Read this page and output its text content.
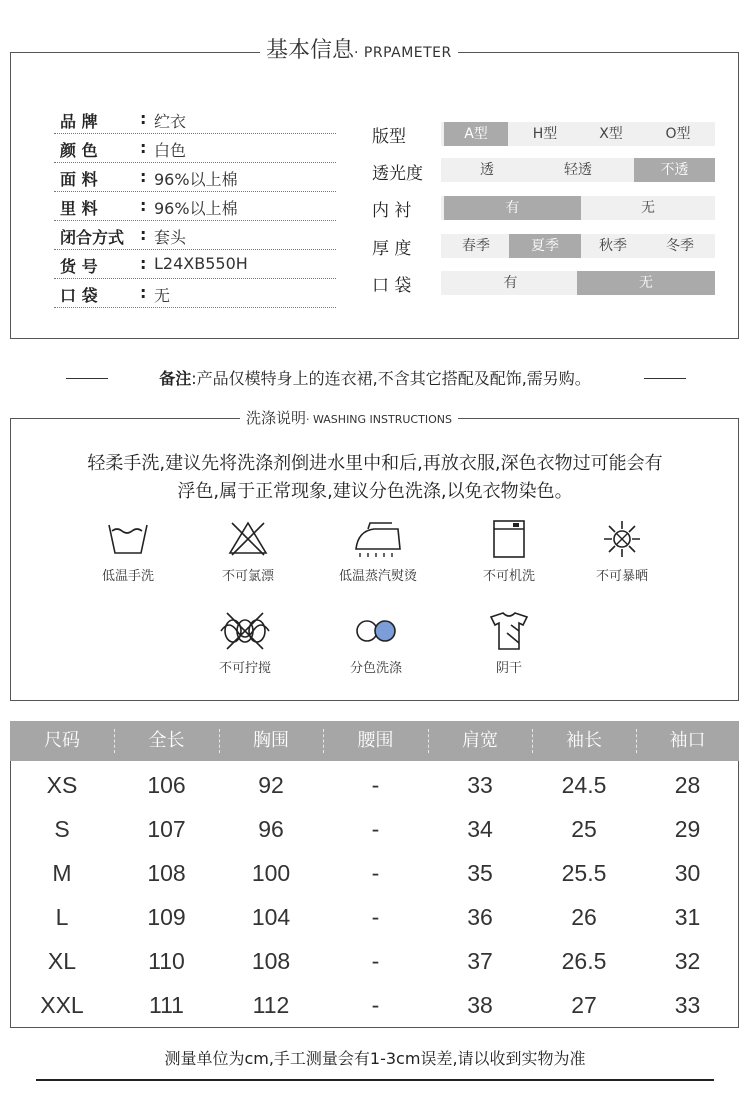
基本信息· PRPAMETER
品 牌	: 纻衣
颜 色	: 白色
面 料	: 96%以上棉
里 料	: 96%以上棉
闭合方式 : 套头
货 号	: L24XB550H
口 袋	: 无
版型	A型	H型	X型	O型
透光度	透	轻透	不透
内 衬	有	无
厚 度	春季	夏季	秋季	冬季
口 袋	有	无
备注:产品仅模特身上的连衣裙,不含其它搭配及配饰,需另购。
洗涤说明· WASHING INSTRUCTIONS
轻柔手洗,建议先将洗涤剂倒进水里中和后,再放衣服,深色衣物过可能会有
浮色,属于正常现象,建议分色洗涤,以免衣物染色。
低温手洗	不可氯漂	低温蒸汽熨烫	不可机洗	不可暴晒
不可拧搅	分色洗涤	阴干
尺码	全长	胸围	腰围	肩宽	袖长	袖口
XS	106	92	-	33	24.5	28
S	107	96	-	34	25	29
M	108	100	-	35	25.5	30
L	109	104	-	36	26	31
XL	110	108	-	37	26.5	32
XXL	111	112	-	38	27	33
测量单位为cm,手工测量会有1-3cm误差,请以收到实物为准
